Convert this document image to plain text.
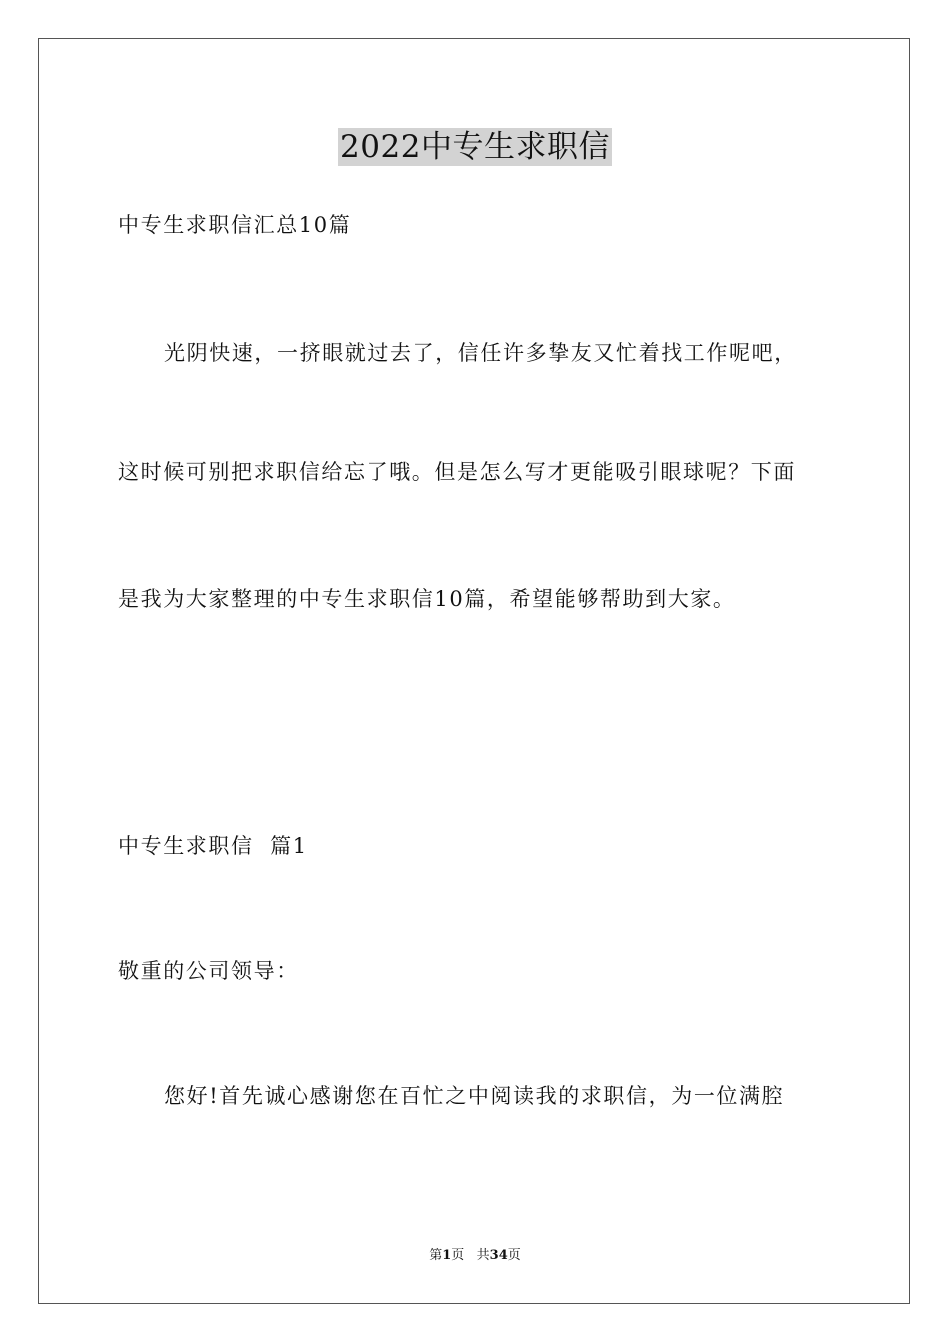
2022中专生求职信
中专生求职信汇总10篇
光阴快速，一挤眼就过去了，信任许多挚友又忙着找工作呢吧，
这时候可别把求职信给忘了哦。但是怎么写才更能吸引眼球呢？下面
是我为大家整理的中专生求职信10篇，希望能够帮助到大家。
中专生求职信  篇1
敬重的公司领导：
您好!首先诚心感谢您在百忙之中阅读我的求职信，为一位满腔
第1页   共34页
